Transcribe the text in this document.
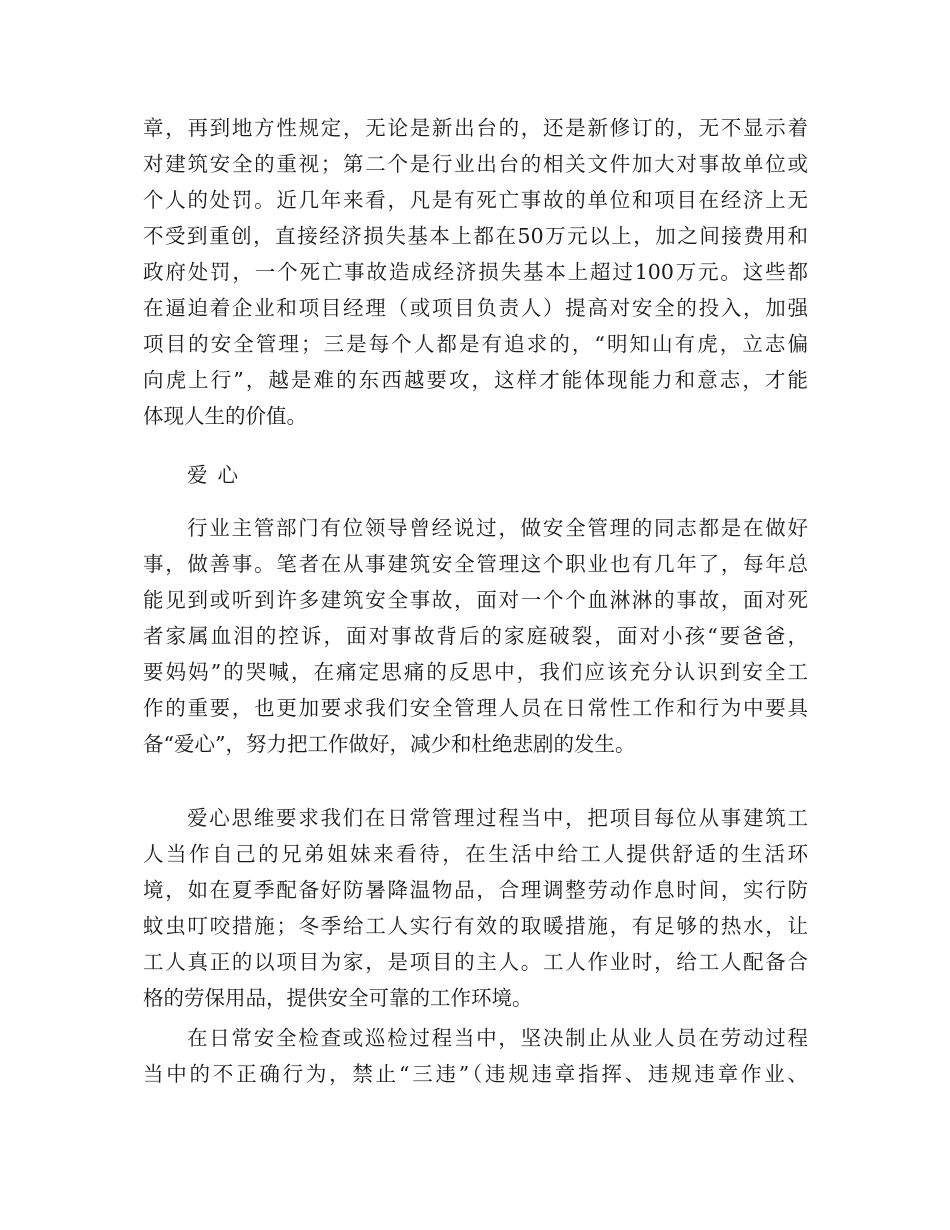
章，再到地方性规定，无论是新出台的，还是新修订的，无不显示着
对建筑安全的重视；第二个是行业出台的相关文件加大对事故单位或
个人的处罚。近几年来看，凡是有死亡事故的单位和项目在经济上无
不受到重创，直接经济损失基本上都在50万元以上，加之间接费用和
政府处罚，一个死亡事故造成经济损失基本上超过100万元。这些都
在逼迫着企业和项目经理（或项目负责人）提高对安全的投入，加强
项目的安全管理；三是每个人都是有追求的，“明知山有虎，立志偏
向虎上行”，越是难的东西越要攻，这样才能体现能力和意志，才能
体现人生的价值。
爱心
行业主管部门有位领导曾经说过，做安全管理的同志都是在做好
事，做善事。笔者在从事建筑安全管理这个职业也有几年了，每年总
能见到或听到许多建筑安全事故，面对一个个血淋淋的事故，面对死
者家属血泪的控诉，面对事故背后的家庭破裂，面对小孩“要爸爸，
要妈妈”的哭喊，在痛定思痛的反思中，我们应该充分认识到安全工
作的重要，也更加要求我们安全管理人员在日常性工作和行为中要具
备“爱心”，努力把工作做好，减少和杜绝悲剧的发生。
爱心思维要求我们在日常管理过程当中，把项目每位从事建筑工
人当作自己的兄弟姐妹来看待，在生活中给工人提供舒适的生活环
境，如在夏季配备好防暑降温物品，合理调整劳动作息时间，实行防
蚊虫叮咬措施；冬季给工人实行有效的取暖措施，有足够的热水，让
工人真正的以项目为家，是项目的主人。工人作业时，给工人配备合
格的劳保用品，提供安全可靠的工作环境。
在日常安全检查或巡检过程当中，坚决制止从业人员在劳动过程
当中的不正确行为，禁止“三违”（违规违章指挥、违规违章作业、
